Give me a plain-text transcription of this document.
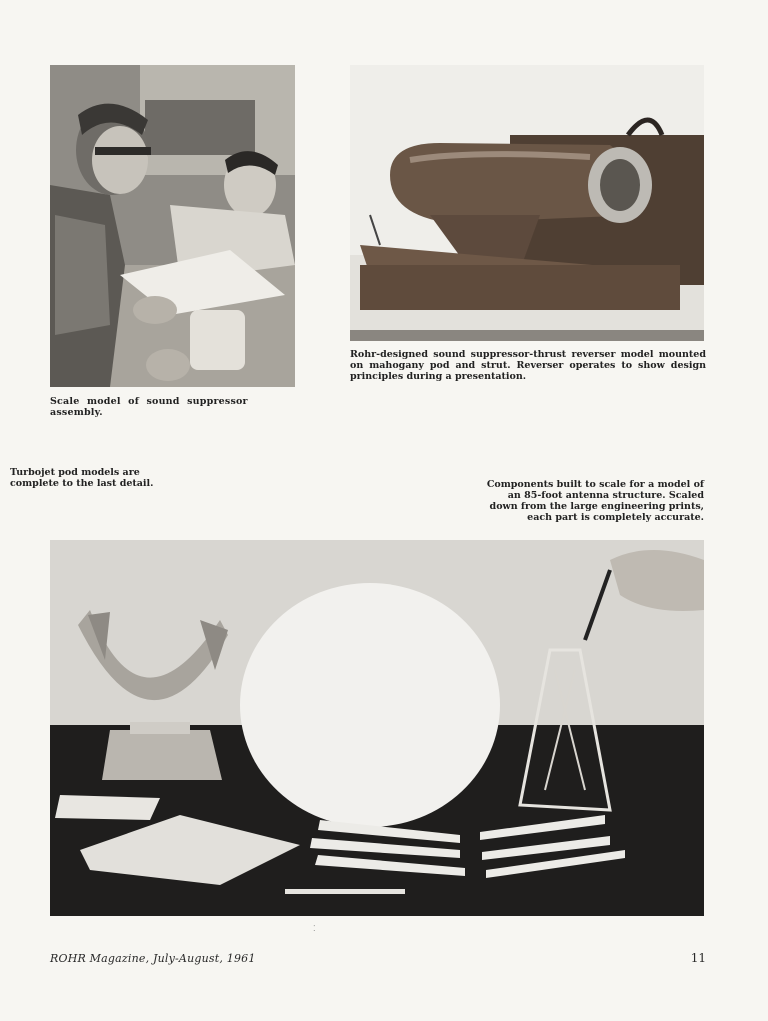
Scale model of sound suppressor assembly.

Rohr-designed sound suppressor-thrust reverser model mounted on mahogany pod and strut. Reverser operates to show design principles during a presentation.

Turbojet pod models are complete to the last detail.	Components built to scale for a model of an 85-foot antenna structure. Scaled down from the large engineering prints, each part is completely accurate.

⁚
ROHR Magazine, July-August, 1961	11
